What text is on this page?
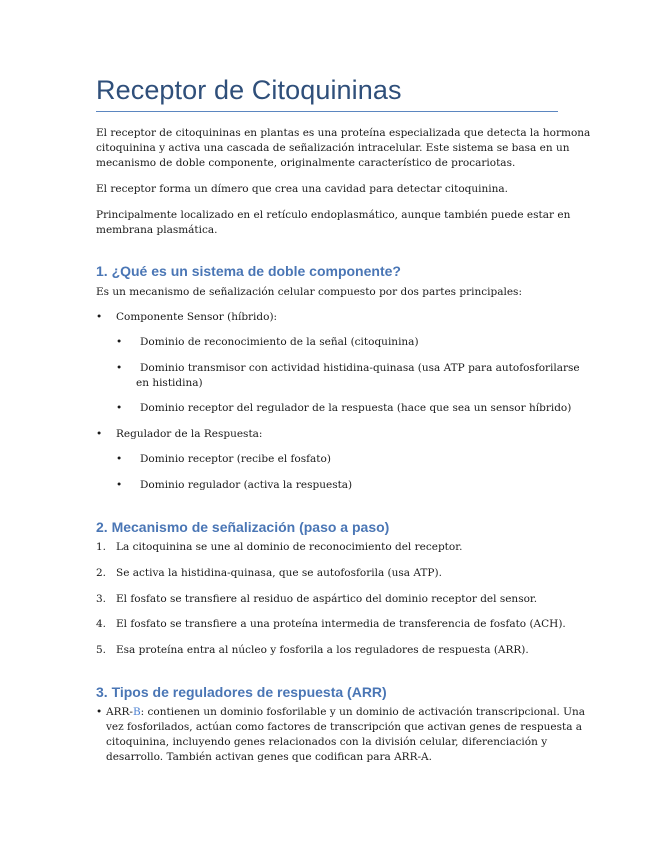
Receptor de Citoquininas

El receptor de citoquininas en plantas es una proteína especializada que detecta la hormona

citoquinina y activa una cascada de señalización intracelular. Este sistema se basa en un

mecanismo de doble componente, originalmente característico de procariotas.

El receptor forma un dímero que crea una cavidad para detectar citoquinina.

Principalmente localizado en el retículo endoplasmático, aunque también puede estar en

membrana plasmática.

1. ¿Qué es un sistema de doble componente?

Es un mecanismo de señalización celular compuesto por dos partes principales:

• Componente Sensor (híbrido):

• Dominio de reconocimiento de la señal (citoquinina)

• Dominio transmisor con actividad histidina-quinasa (usa ATP para autofosforilarse

en histidina)

• Dominio receptor del regulador de la respuesta (hace que sea un sensor híbrido)

• Regulador de la Respuesta:

• Dominio receptor (recibe el fosfato)

• Dominio regulador (activa la respuesta)

2. Mecanismo de señalización (paso a paso)
1. La citoquinina se une al dominio de reconocimiento del receptor.

2. Se activa la histidina-quinasa, que se autofosforila (usa ATP).

3. El fosfato se transfiere al residuo de aspártico del dominio receptor del sensor.

4. El fosfato se transfiere a una proteína intermedia de transferencia de fosfato (ACH).

5. Esa proteína entra al núcleo y fosforila a los reguladores de respuesta (ARR).

3. Tipos de reguladores de respuesta (ARR)
• ARR-B: contienen un dominio fosforilable y un dominio de activación transcripcional. Una

vez fosforilados, actúan como factores de transcripción que activan genes de respuesta a

citoquinina, incluyendo genes relacionados con la división celular, diferenciación y

desarrollo. También activan genes que codifican para ARR-A.
